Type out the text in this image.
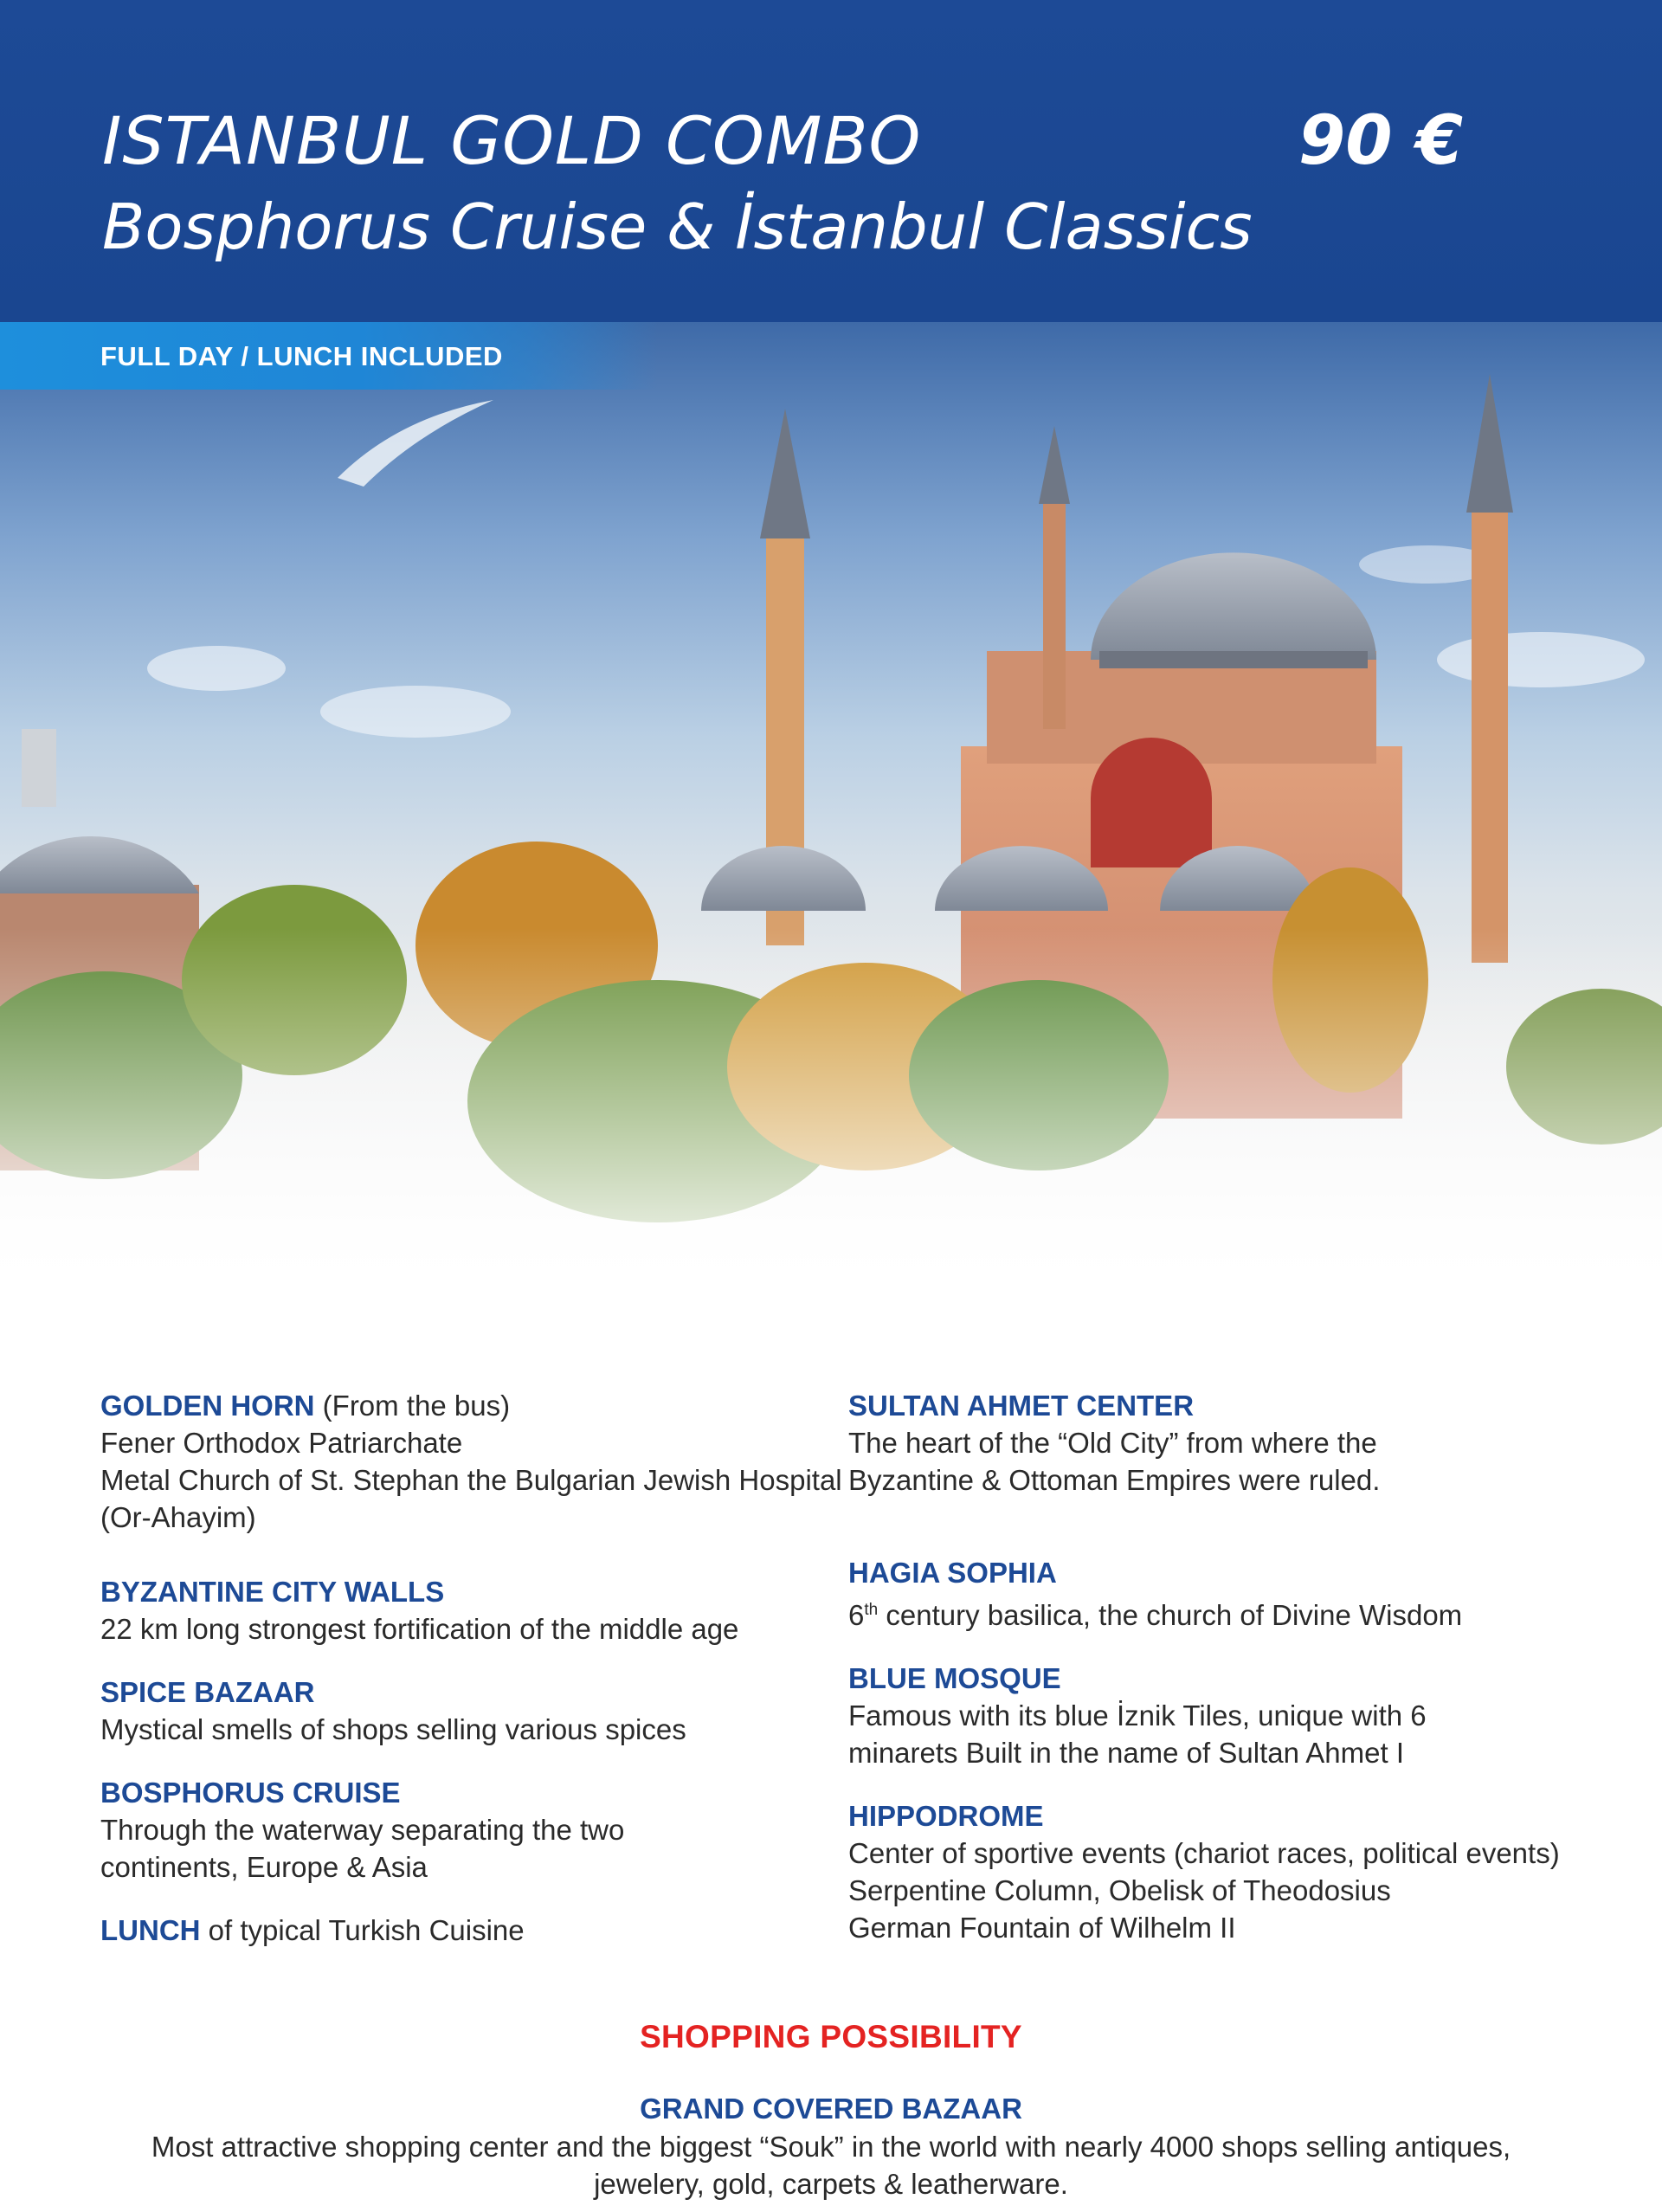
ISTANBUL GOLD COMBO
Bosphorus Cruise & İstanbul Classics
90 €
FULL DAY / LUNCH INCLUDED

GOLDEN HORN (From the bus)
Fener Orthodox Patriarchate
Metal Church of St. Stephan the Bulgarian Jewish Hospital (Or-Ahayim)

BYZANTINE CITY WALLS
22 km long strongest fortification of the middle age

SPICE BAZAAR
Mystical smells of shops selling various spices

BOSPHORUS CRUISE
Through the waterway separating the two continents, Europe & Asia

LUNCH of typical Turkish Cuisine

SULTAN AHMET CENTER
The heart of the “Old City” from where the Byzantine & Ottoman Empires were ruled.

HAGIA SOPHIA
6th century basilica, the church of Divine Wisdom

BLUE MOSQUE
Famous with its blue İznik Tiles, unique with 6 minarets Built in the name of Sultan Ahmet I

HIPPODROME
Center of sportive events (chariot races, political events) Serpentine Column, Obelisk of Theodosius
German Fountain of Wilhelm II

SHOPPING POSSIBILITY
GRAND COVERED BAZAAR
Most attractive shopping center and the biggest “Souk” in the world with nearly 4000 shops selling antiques, jewelery, gold, carpets & leatherware.
